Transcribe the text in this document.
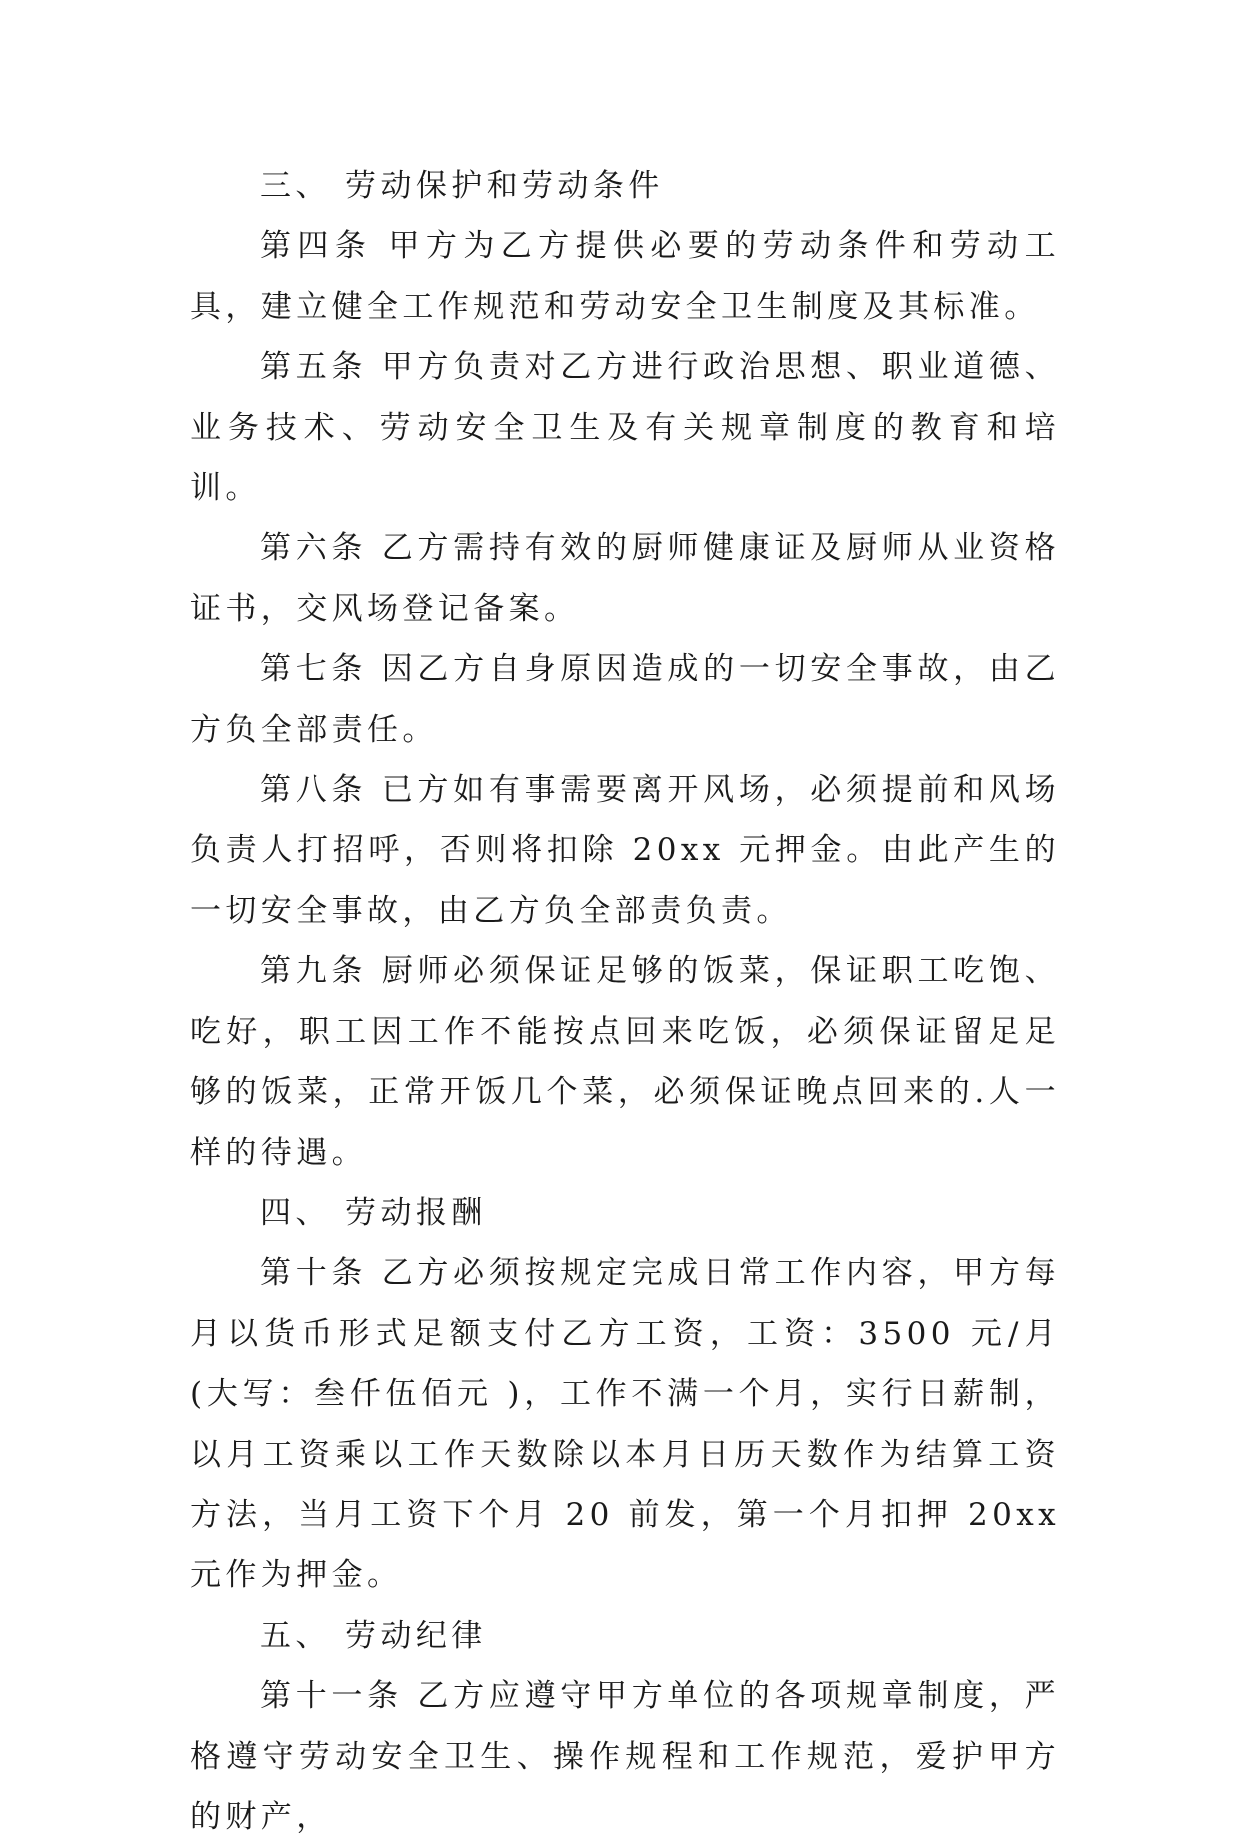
三、 劳动保护和劳动条件

第四条 甲方为乙方提供必要的劳动条件和劳动工具，建立健全工作规范和劳动安全卫生制度及其标准。

第五条 甲方负责对乙方进行政治思想、职业道德、业务技术、劳动安全卫生及有关规章制度的教育和培训。

第六条 乙方需持有效的厨师健康证及厨师从业资格证书，交风场登记备案。

第七条 因乙方自身原因造成的一切安全事故，由乙方负全部责任。

第八条 已方如有事需要离开风场，必须提前和风场负责人打招呼，否则将扣除 20xx 元押金。由此产生的一切安全事故，由乙方负全部责负责。

第九条 厨师必须保证足够的饭菜，保证职工吃饱、吃好，职工因工作不能按点回来吃饭，必须保证留足足够的饭菜，正常开饭几个菜，必须保证晚点回来的.人一样的待遇。

四、 劳动报酬

第十条 乙方必须按规定完成日常工作内容，甲方每月以货币形式足额支付乙方工资，工资：3500 元/月(大写：叁仟伍佰元 )，工作不满一个月，实行日薪制，以月工资乘以工作天数除以本月日历天数作为结算工资方法，当月工资下个月 20 前发，第一个月扣押 20xx 元作为押金。

五、 劳动纪律

第十一条 乙方应遵守甲方单位的各项规章制度，严格遵守劳动安全卫生、操作规程和工作规范，爱护甲方的财产，
